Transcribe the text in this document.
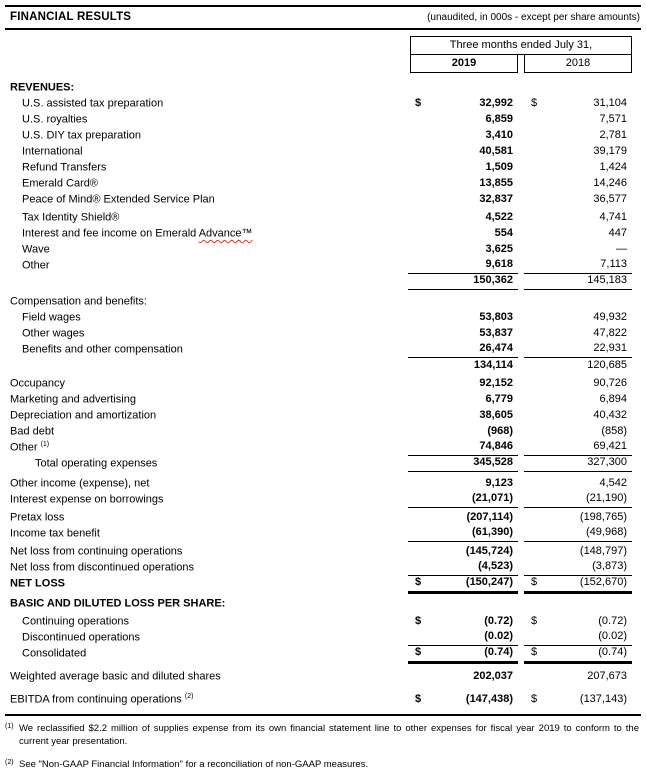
FINANCIAL RESULTS	(unaudited, in 000s - except per share amounts)
Three months ended July 31,
2019	2018
REVENUES:
U.S. assisted tax preparation	$	32,992 $	31,104
U.S. royalties	6,859	7,571
U.S. DIY tax preparation	3,410	2,781
International	40,581	39,179
Refund Transfers	1,509	1,424
Emerald Card®	13,855	14,246
Peace of Mind® Extended Service Plan	32,837	36,577
Tax Identity Shield®	4,522	4,741
Interest and fee income on Emerald Advance™	554	447
Wave	3,625	—
Other	9,618	7,113
150,362	145,183
Compensation and benefits:
Field wages	53,803	49,932
Other wages	53,837	47,822
Benefits and other compensation	26,474	22,931
134,114	120,685
Occupancy	92,152	90,726
Marketing and advertising	6,779	6,894
Depreciation and amortization	38,605	40,432
Bad debt	(968)	(858)
Other $^{(1)}$	74,846	69,421
Total operating expenses	345,528	327,300
Other income (expense), net	9,123	4,542
Interest expense on borrowings	(21,071)	(21,190)
Pretax loss	(207,114)	(198,765)
Income tax benefit	(61,390)	(49,968)
Net loss from continuing operations	(145,724)	(148,797)
Net loss from discontinued operations	(4,523)	(3,873)
NET LOSS	$	(150,247) $	(152,670)
BASIC AND DILUTED LOSS PER SHARE:
Continuing operations	$	(0.72) $	(0.72)
Discontinued operations	(0.02)	(0.02)
Consolidated	$	(0.74) $	(0.74)
Weighted average basic and diluted shares	202,037	207,673
EBITDA from continuing operations $^{(2)}$	$	(147,438) $	(137,143)
(1) We reclassified $2.2 million of supplies expense from its own financial statement line to other expenses for fiscal year 2019 to conform to the current year presentation.
(2) See "Non-GAAP Financial Information" for a reconciliation of non-GAAP measures.
